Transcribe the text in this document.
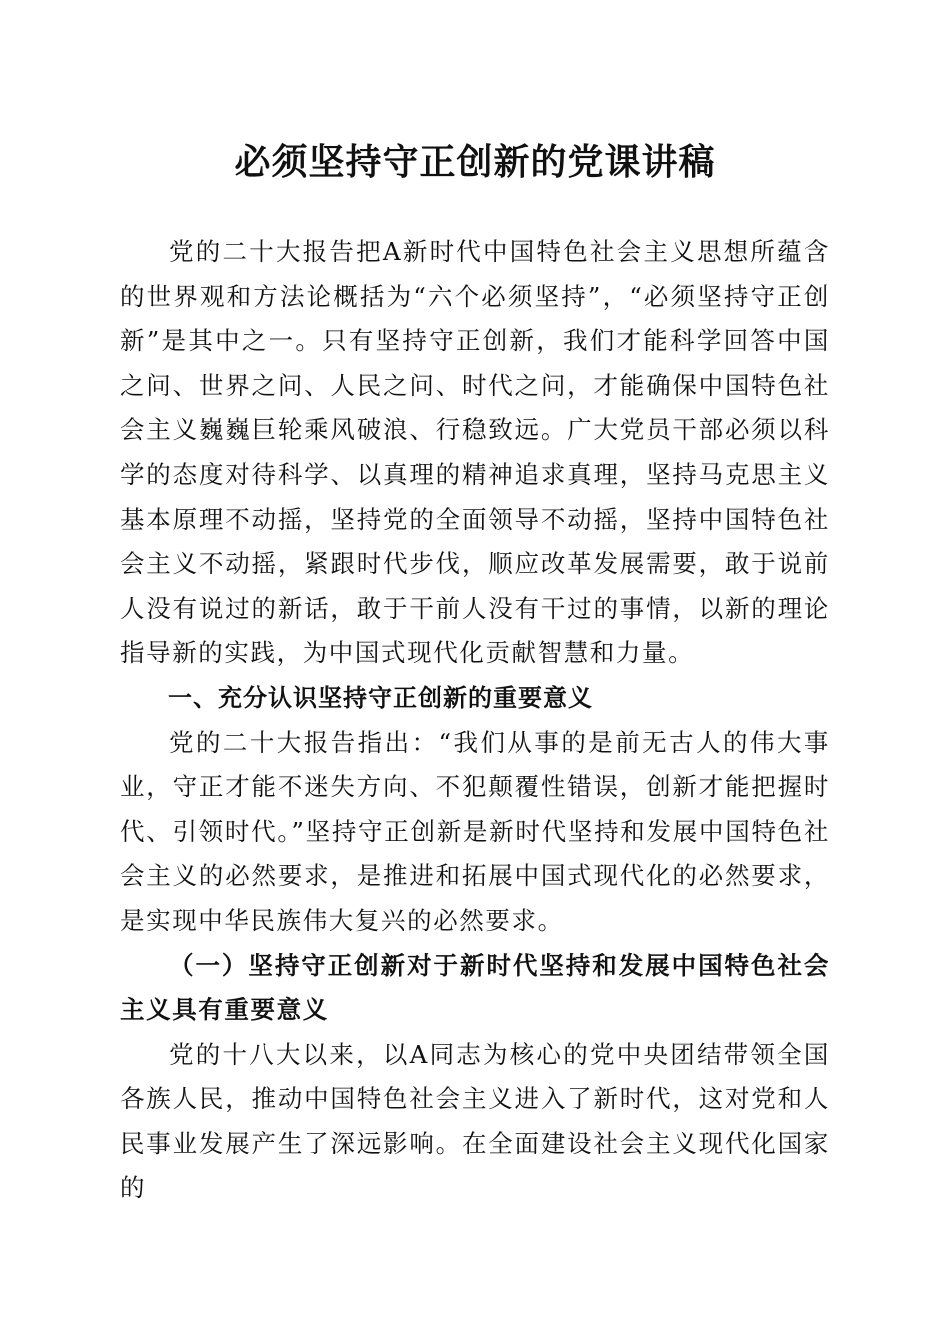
必须坚持守正创新的党课讲稿

党的二十大报告把A新时代中国特色社会主义思想所蕴含的世界观和方法论概括为“六个必须坚持”，“必须坚持守正创新”是其中之一。只有坚持守正创新，我们才能科学回答中国之问、世界之问、人民之问、时代之问，才能确保中国特色社会主义巍巍巨轮乘风破浪、行稳致远。广大党员干部必须以科学的态度对待科学、以真理的精神追求真理，坚持马克思主义基本原理不动摇，坚持党的全面领导不动摇，坚持中国特色社会主义不动摇，紧跟时代步伐，顺应改革发展需要，敢于说前人没有说过的新话，敢于干前人没有干过的事情，以新的理论指导新的实践，为中国式现代化贡献智慧和力量。

一、充分认识坚持守正创新的重要意义

党的二十大报告指出：“我们从事的是前无古人的伟大事业，守正才能不迷失方向、不犯颠覆性错误，创新才能把握时代、引领时代。”坚持守正创新是新时代坚持和发展中国特色社会主义的必然要求，是推进和拓展中国式现代化的必然要求，是实现中华民族伟大复兴的必然要求。

（一）坚持守正创新对于新时代坚持和发展中国特色社会主义具有重要意义

党的十八大以来，以A同志为核心的党中央团结带领全国各族人民，推动中国特色社会主义进入了新时代，这对党和人民事业发展产生了深远影响。在全面建设社会主义现代化国家的
